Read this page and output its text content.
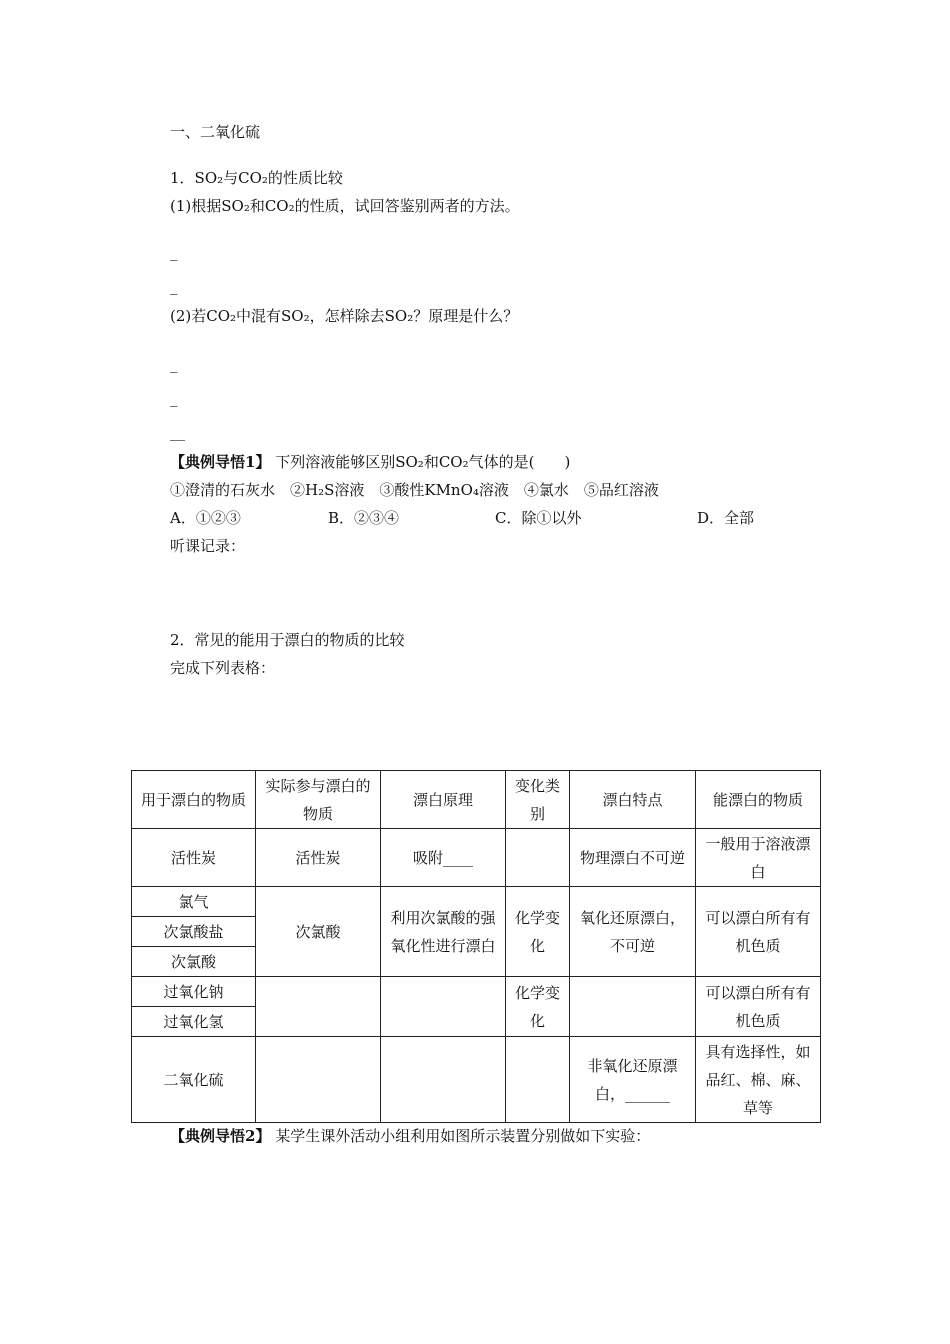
一、二氧化硫
1．SO₂与CO₂的性质比较
(1)根据SO₂和CO₂的性质，试回答鉴别两者的方法。
_
_
(2)若CO₂中混有SO₂，怎样除去SO₂？原理是什么？
_
_
__
【典例导悟1】 下列溶液能够区别SO₂和CO₂气体的是(　　)
①澄清的石灰水　②H₂S溶液　③酸性KMnO₄溶液　④氯水　⑤品红溶液
A．①②③	B．②③④	C．除①以外	D．全部
听课记录：
2．常见的能用于漂白的物质的比较
完成下列表格：
用于漂白的物质	实际参与漂白的物质	漂白原理	变化类别	漂白特点	能漂白的物质
活性炭	活性炭	吸附____		物理漂白不可逆	一般用于溶液漂白
氯气	次氯酸	利用次氯酸的强氧化性进行漂白	化学变化	氧化还原漂白，不可逆	可以漂白所有有机色质
次氯酸盐					
次氯酸					
过氧化钠			化学变化		可以漂白所有有机色质
过氧化氢					
二氧化硫				非氧化还原漂白，______	具有选择性，如品红、棉、麻、草等
【典例导悟2】 某学生课外活动小组利用如图所示装置分别做如下实验：
